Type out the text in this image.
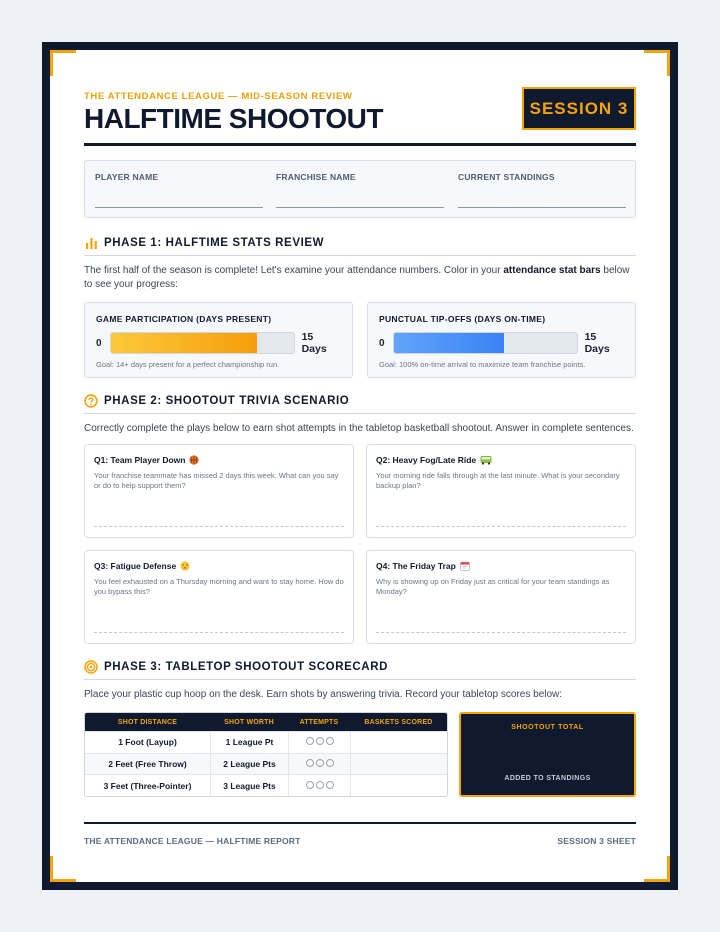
THE ATTENDANCE LEAGUE — MID-SEASON REVIEW
HALFTIME SHOOTOUT	SESSION 3
PLAYER NAME	FRANCHISE NAME	CURRENT STANDINGS
PHASE 1: HALFTIME STATS REVIEW
The first half of the season is complete! Let's examine your attendance numbers. Color in your attendance stat bars below to see your progress:
GAME PARTICIPATION (DAYS PRESENT)
0	15 Days
Goal: 14+ days present for a perfect championship run.
PUNCTUAL TIP-OFFS (DAYS ON-TIME)
0	15 Days
Goal: 100% on-time arrival to maximize team franchise points.
PHASE 2: SHOOTOUT TRIVIA SCENARIO
Correctly complete the plays below to earn shot attempts in the tabletop basketball shootout. Answer in complete sentences.
Q1: Team Player Down
Your franchise teammate has missed 2 days this week. What can you say or do to help support them?
Q2: Heavy Fog/Late Ride
Your morning ride falls through at the last minute. What is your secondary backup plan?
Q3: Fatigue Defense
You feel exhausted on a Thursday morning and want to stay home. How do you bypass this?
Q4: The Friday Trap
Why is showing up on Friday just as critical for your team standings as Monday?
PHASE 3: TABLETOP SHOOTOUT SCORECARD
Place your plastic cup hoop on the desk. Earn shots by answering trivia. Record your tabletop scores below:
SHOT DISTANCE	SHOT WORTH	ATTEMPTS	BASKETS SCORED
1 Foot (Layup)	1 League Pt	

2 Feet (Free Throw)	2 League Pts	

3 Feet (Three-Pointer)	3 League Pts	

SHOOTOUT TOTAL
ADDED TO STANDINGS
THE ATTENDANCE LEAGUE — HALFTIME REPORT	SESSION 3 SHEET
